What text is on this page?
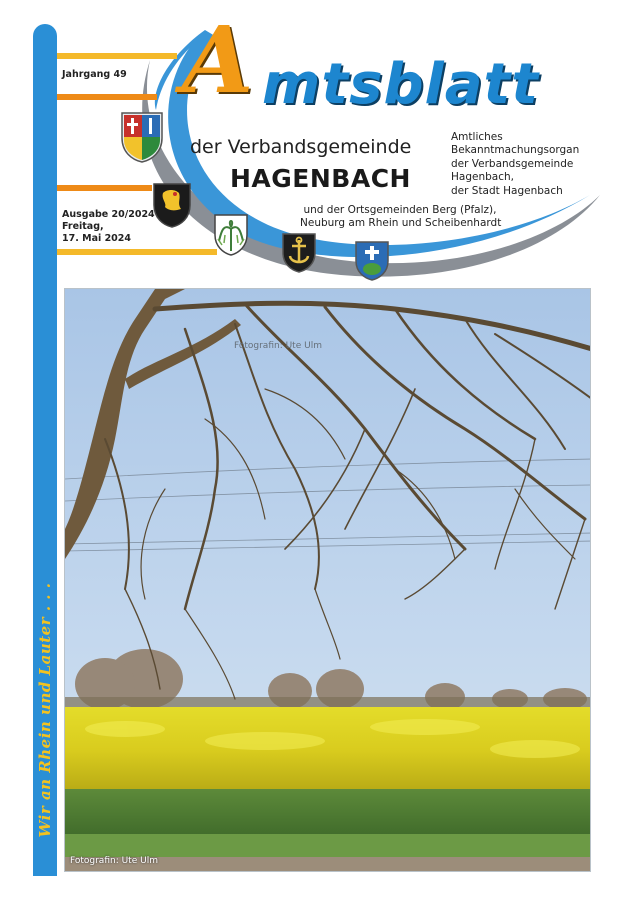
Wir an Rhein und Lauter . . .
Jahrgang 49
Ausgabe 20/2024
Freitag,
17. Mai 2024
A mtsblatt
der Verbandsgemeinde
HAGENBACH
Amtliches
Bekanntmachungsorgan
der Verbandsgemeinde
Hagenbach,
der Stadt Hagenbach
und der Ortsgemeinden Berg (Pfalz),
Neuburg am Rhein und Scheibenhardt
Fotografin: Ute Ulm
Fotografin: Ute Ulm
